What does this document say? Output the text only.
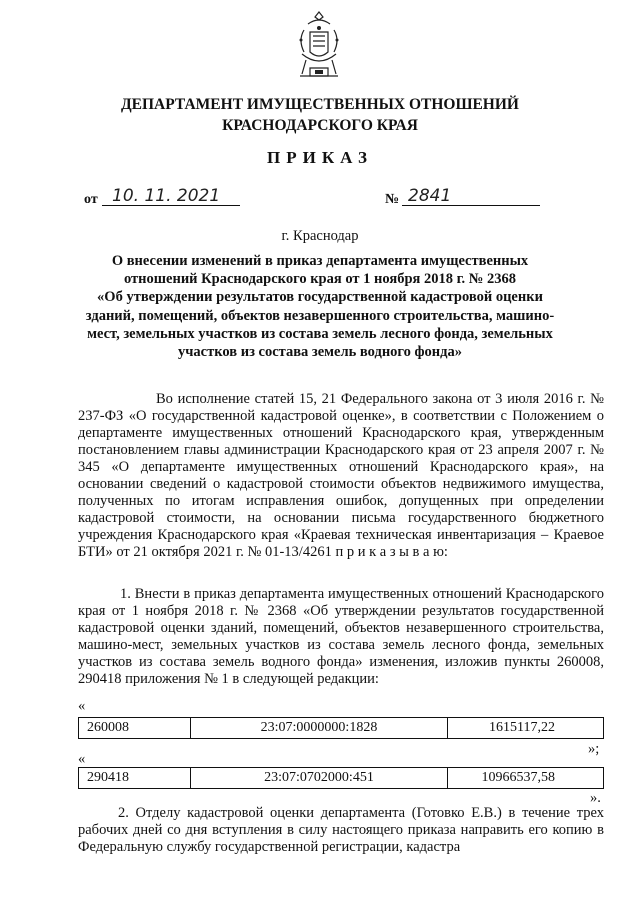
ДЕПАРТАМЕНТ ИМУЩЕСТВЕННЫХ ОТНОШЕНИЙ
КРАСНОДАРСКОГО КРАЯ
ПРИКАЗ
от 10. 11. 2021	№ 2841
г. Краснодар
О внесении изменений в приказ департамента имущественных
отношений Краснодарского края от 1 ноября 2018 г. № 2368
«Об утверждении результатов государственной кадастровой оценки
зданий, помещений, объектов незавершенного строительства, машино-
мест, земельных участков из состава земель лесного фонда, земельных
участков из состава земель водного фонда»
Во исполнение статей 15, 21 Федерального закона от 3 июля 2016 г. № 237-ФЗ «О государственной кадастровой оценке», в соответствии с Положением о департаменте имущественных отношений Краснодарского края, утвержденным постановлением главы администрации Краснодарского края от 23 апреля 2007 г. № 345 «О департаменте имущественных отношений Краснодарского края», на основании сведений о кадастровой стоимости объектов недвижимого имущества, полученных по итогам исправления ошибок, допущенных при определении кадастровой стоимости, на основании письма государственного бюджетного учреждения Краснодарского края «Краевая техническая инвентаризация – Краевое БТИ» от 21 октября 2021 г. № 01-13/4261 п р и к а з ы в а ю:
1. Внести в приказ департамента имущественных отношений Краснодарского края от 1 ноября 2018 г. № 2368 «Об утверждении результатов государственной кадастровой оценки зданий, помещений, объектов незавершенного строительства, машино-мест, земельных участков из состава земель лесного фонда, земельных участков из состава земель водного фонда» изменения, изложив пункты 260008, 290418 приложения № 1 в следующей редакции:
«
260008	23:07:0000000:1828	1615117,22
»;
«
290418	23:07:0702000:451	10966537,58
».
2. Отделу кадастровой оценки департамента (Готовко Е.В.) в течение трех рабочих дней со дня вступления в силу настоящего приказа направить его копию в Федеральную службу государственной регистрации, кадастра
